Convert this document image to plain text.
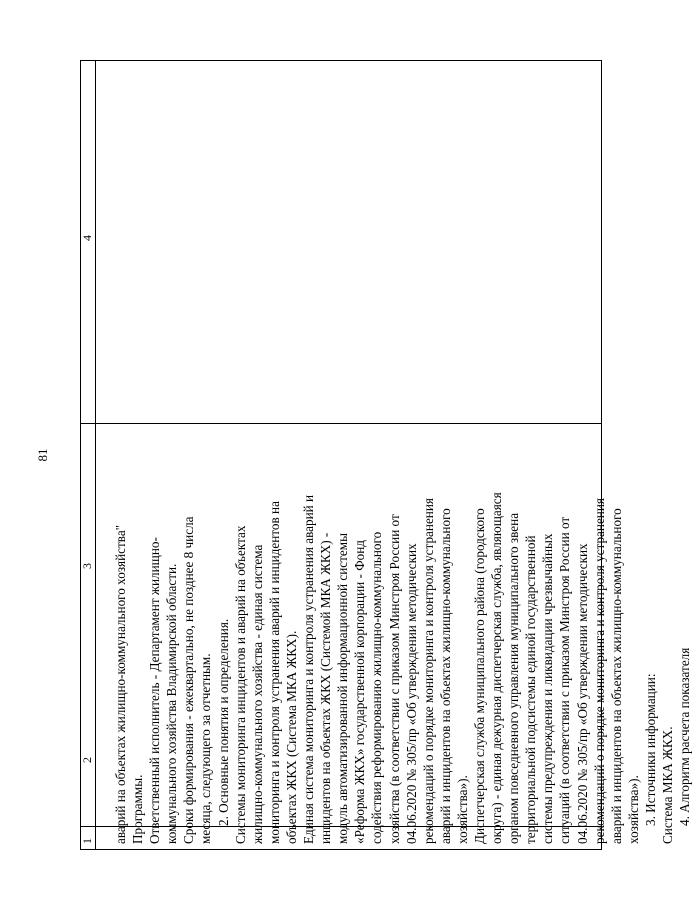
81
1
2
3
4
аварий на объектах жилищно-коммунального хозяйства" Программы. Ответственный исполнитель - Департамент жилищно- коммунального хозяйства Владимирской области. Сроки формирования - ежеквартально, не позднее 8 числа месяца, следующего за отчетным. 2. Основные понятия и определения. Системы мониторинга инцидентов и аварий на объектах жилищно-коммунального хозяйства - единая система мониторинга и контроля устранения аварий и инцидентов на объектах ЖКХ (Система МКА ЖКХ). Единая система мониторинга и контроля устранения аварий и инцидентов на объектах ЖКХ (Системой МКА ЖКХ) - модуль автоматизированной информационной системы «Реформа ЖКХ» государственной корпорации - Фонд содействия реформированию жилищно-коммунального хозяйства (в соответствии с приказом Минстроя России от 04.06.2020 № 305/пр «Об утверждении методических рекомендаций о порядке мониторинга и контроля устранения аварий и инцидентов на объектах жилищно-коммунального хозяйства»). Диспетчерская служба муниципального района (городского округа) - единая дежурная диспетчерская служба, являющаяся органом повседневного управления муниципального звена территориальной подсистемы единой государственной системы предупреждения и ликвидации чрезвычайных ситуаций (в соответствии с приказом Минстроя России от 04.06.2020 № 305/пр «Об утверждении методических рекомендаций о порядке мониторинга и контроля устранения аварий и инцидентов на объектах жилищно-коммунального хозяйства»). 3. Источники информации: Система МКА ЖКХ. 4. Алгоритм расчета показателя
